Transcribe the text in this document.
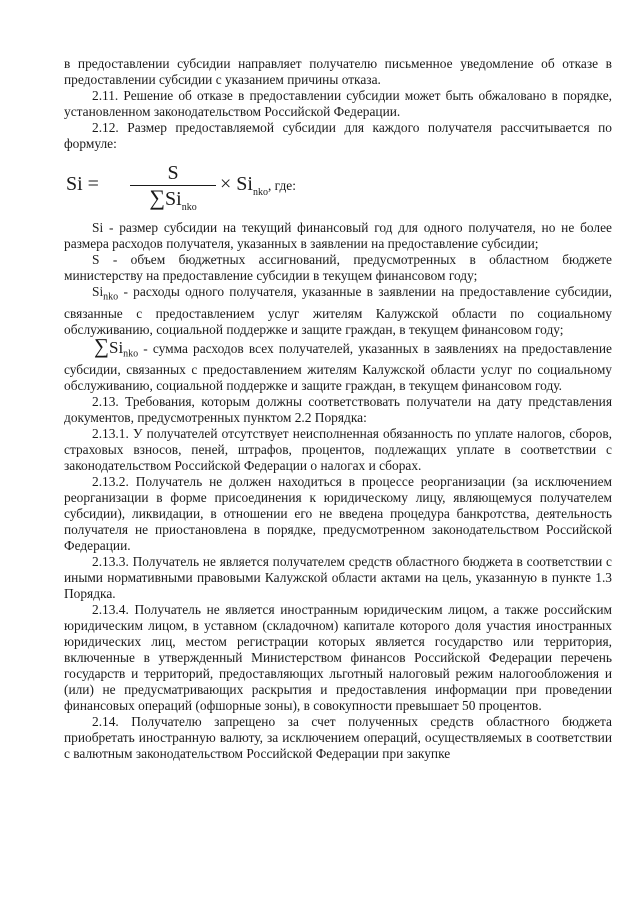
в предоставлении субсидии направляет получателю письменное уведомление об отказе в предоставлении субсидии с указанием причины отказа.

2.11. Решение об отказе в предоставлении субсидии может быть обжаловано в порядке, установленном законодательством Российской Федерации.

2.12. Размер предоставляемой субсидии для каждого получателя рассчитывается по формуле:

Si =	S
$\sum Si_{nko}$
× $Si_{nko}$, где:

Si - размер субсидии на текущий финансовый год для одного получателя, но не более размера расходов получателя, указанных в заявлении на предоставление субсидии;

S - объем бюджетных ассигнований, предусмотренных в областном бюджете министерству на предоставление субсидии в текущем финансовом году;

$Si_{nko}$ - расходы одного получателя, указанные в заявлении на предоставление субсидии, связанные с предоставлением услуг жителям Калужской области по социальному обслуживанию, социальной поддержке и защите граждан, в текущем финансовом году;

$\sum Si_{nko}$ - сумма расходов всех получателей, указанных в заявлениях на предоставление субсидии, связанных с предоставлением жителям Калужской области услуг по социальному обслуживанию, социальной поддержке и защите граждан, в текущем финансовом году.

2.13. Требования, которым должны соответствовать получатели на дату представления документов, предусмотренных пунктом 2.2 Порядка:

2.13.1. У получателей отсутствует неисполненная обязанность по уплате налогов, сборов, страховых взносов, пеней, штрафов, процентов, подлежащих уплате в соответствии с законодательством Российской Федерации о налогах и сборах.

2.13.2. Получатель не должен находиться в процессе реорганизации (за исключением реорганизации в форме присоединения к юридическому лицу, являющемуся получателем субсидии), ликвидации, в отношении его не введена процедура банкротства, деятельность получателя не приостановлена в порядке, предусмотренном законодательством Российской Федерации.

2.13.3. Получатель не является получателем средств областного бюджета в соответствии с иными нормативными правовыми Калужской области актами на цель, указанную в пункте 1.3 Порядка.

2.13.4. Получатель не является иностранным юридическим лицом, а также российским юридическим лицом, в уставном (складочном) капитале которого доля участия иностранных юридических лиц, местом регистрации которых является государство или территория, включенные в утвержденный Министерством финансов Российской Федерации перечень государств и территорий, предоставляющих льготный налоговый режим налогообложения и (или) не предусматривающих раскрытия и предоставления информации при проведении финансовых операций (офшорные зоны), в совокупности превышает 50 процентов.

2.14. Получателю запрещено за счет полученных средств областного бюджета приобретать иностранную валюту, за исключением операций, осуществляемых в соответствии с валютным законодательством Российской Федерации при закупке
